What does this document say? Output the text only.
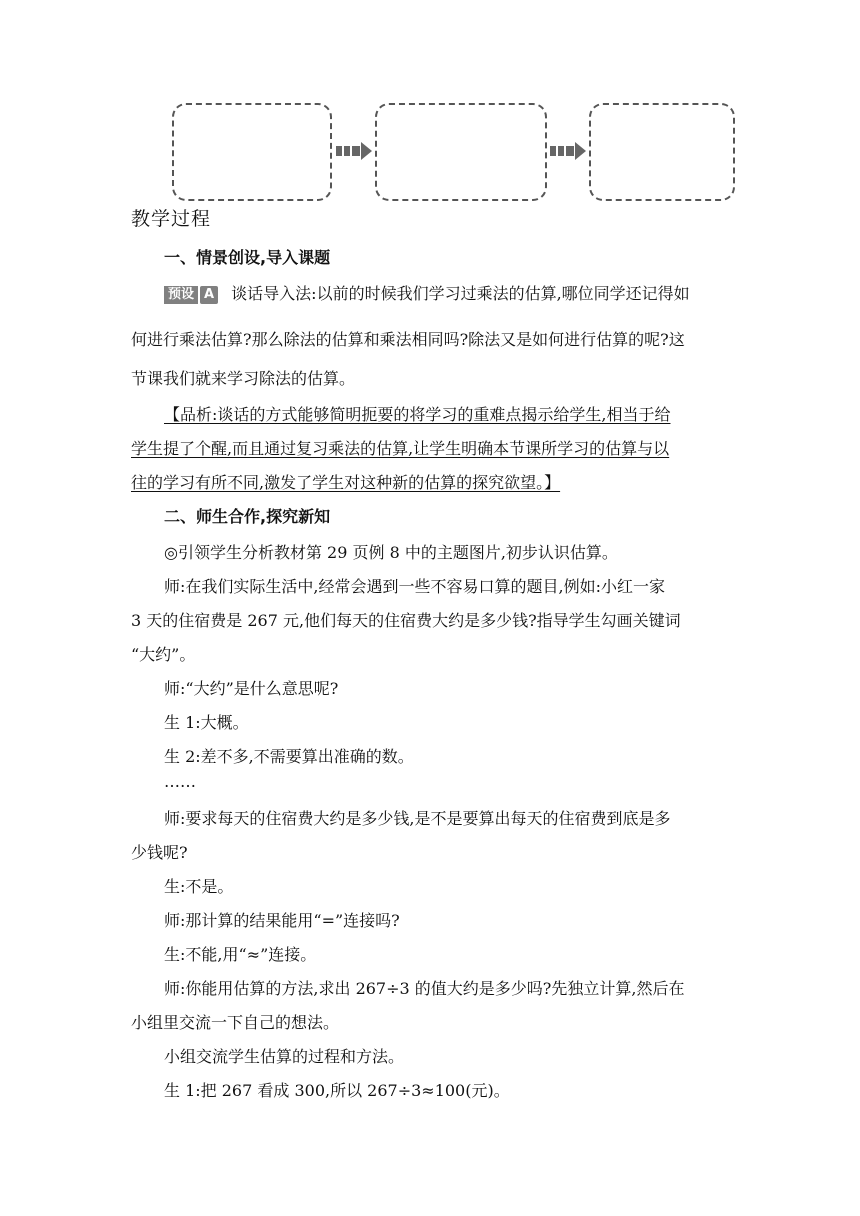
教学过程
一、情景创设,导入课题
预设 A 谈话导入法:以前的时候我们学习过乘法的估算,哪位同学还记得如
何进行乘法估算?那么除法的估算和乘法相同吗?除法又是如何进行估算的呢?这
节课我们就来学习除法的估算。
【品析:谈话的方式能够简明扼要的将学习的重难点揭示给学生,相当于给
学生提了个醒,而且通过复习乘法的估算,让学生明确本节课所学习的估算与以
往的学习有所不同,激发了学生对这种新的估算的探究欲望。】
二、师生合作,探究新知
◎引领学生分析教材第 29 页例 8 中的主题图片,初步认识估算。
师:在我们实际生活中,经常会遇到一些不容易口算的题目,例如:小红一家
3 天的住宿费是 267 元,他们每天的住宿费大约是多少钱?指导学生勾画关键词
“大约”。
师:“大约”是什么意思呢?
生 1:大概。
生 2:差不多,不需要算出准确的数。
……
师:要求每天的住宿费大约是多少钱,是不是要算出每天的住宿费到底是多
少钱呢?
生:不是。
师:那计算的结果能用“=”连接吗?
生:不能,用“≈”连接。
师:你能用估算的方法,求出 267÷3 的值大约是多少吗?先独立计算,然后在
小组里交流一下自己的想法。
小组交流学生估算的过程和方法。
生 1:把 267 看成 300,所以 267÷3≈100(元)。
